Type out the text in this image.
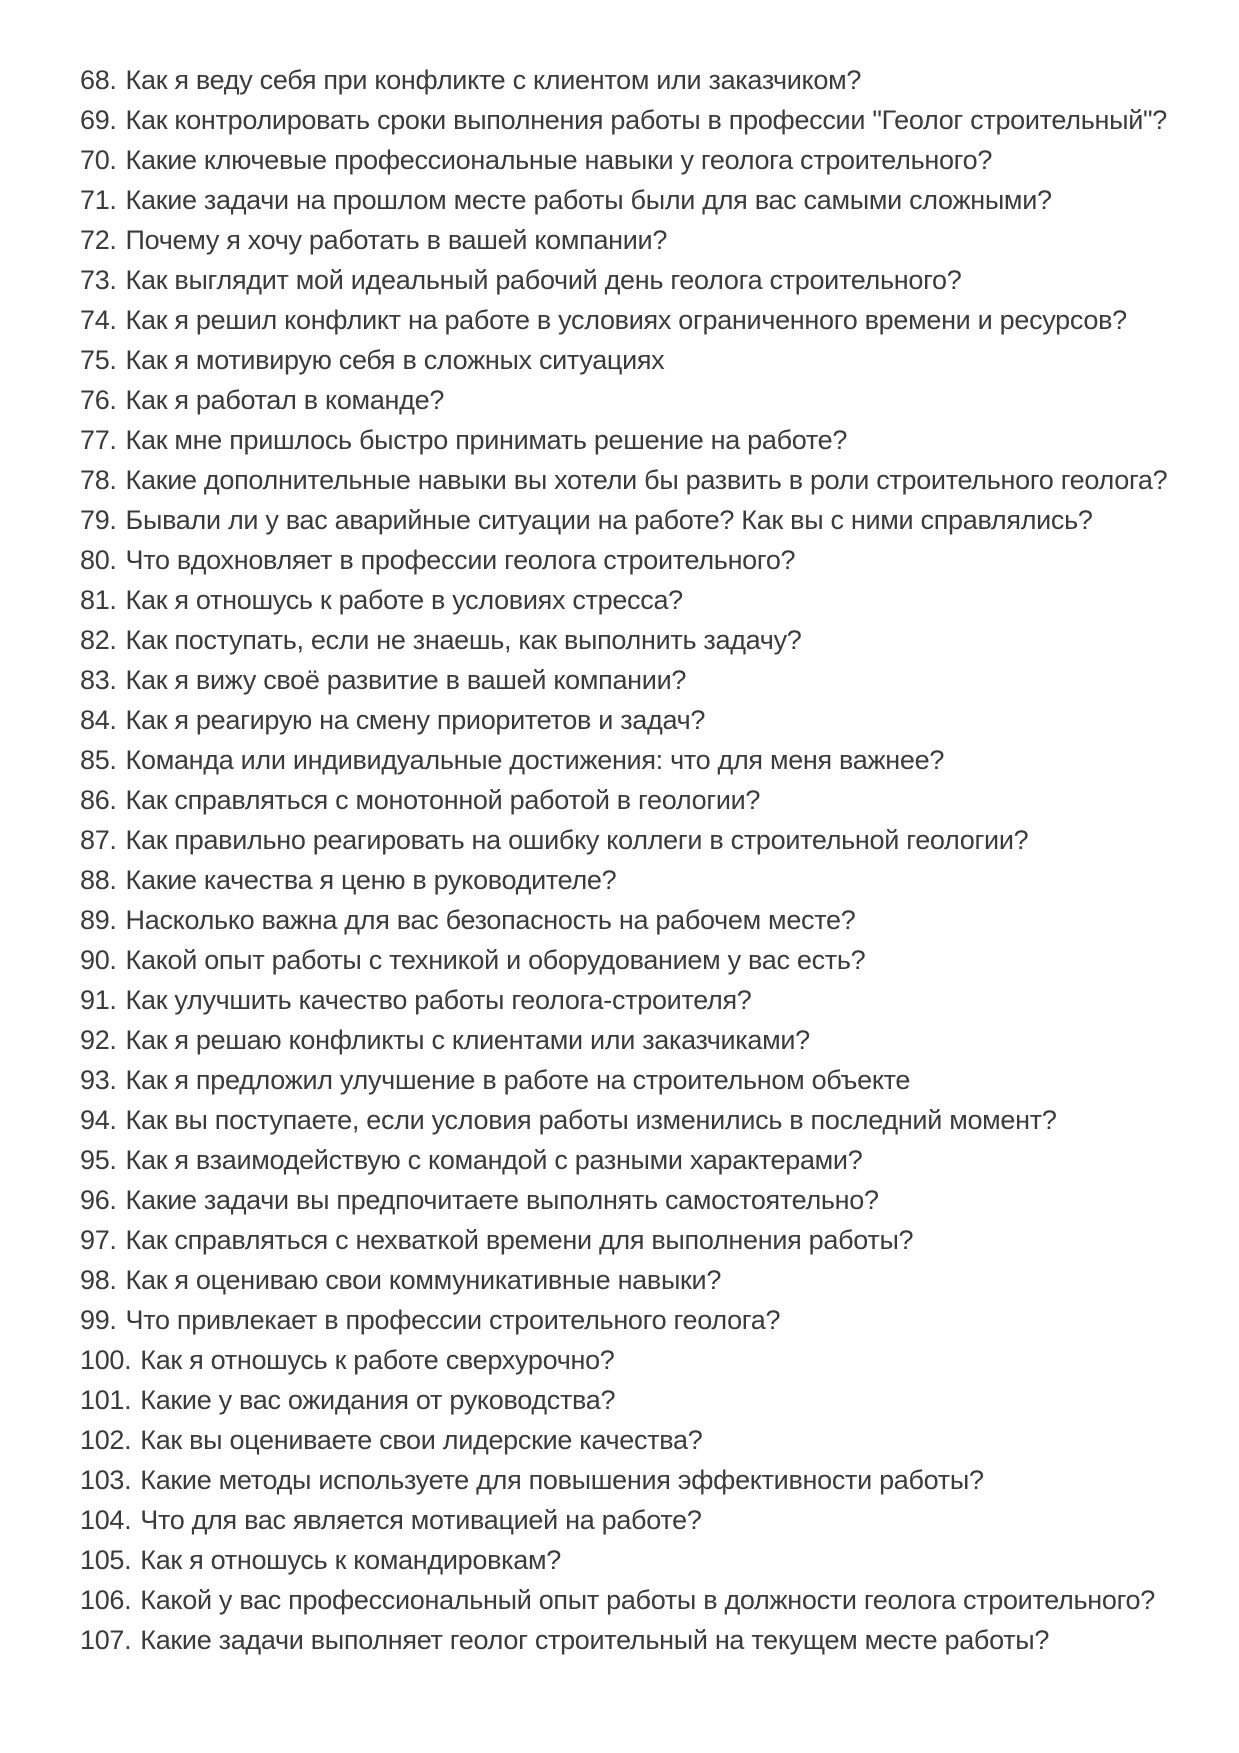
68. Как я веду себя при конфликте с клиентом или заказчиком?
69. Как контролировать сроки выполнения работы в профессии "Геолог строительный"?
70. Какие ключевые профессиональные навыки у геолога строительного?
71. Какие задачи на прошлом месте работы были для вас самыми сложными?
72. Почему я хочу работать в вашей компании?
73. Как выглядит мой идеальный рабочий день геолога строительного?
74. Как я решил конфликт на работе в условиях ограниченного времени и ресурсов?
75. Как я мотивирую себя в сложных ситуациях
76. Как я работал в команде?
77. Как мне пришлось быстро принимать решение на работе?
78. Какие дополнительные навыки вы хотели бы развить в роли строительного геолога?
79. Бывали ли у вас аварийные ситуации на работе? Как вы с ними справлялись?
80. Что вдохновляет в профессии геолога строительного?
81. Как я отношусь к работе в условиях стресса?
82. Как поступать, если не знаешь, как выполнить задачу?
83. Как я вижу своё развитие в вашей компании?
84. Как я реагирую на смену приоритетов и задач?
85. Команда или индивидуальные достижения: что для меня важнее?
86. Как справляться с монотонной работой в геологии?
87. Как правильно реагировать на ошибку коллеги в строительной геологии?
88. Какие качества я ценю в руководителе?
89. Насколько важна для вас безопасность на рабочем месте?
90. Какой опыт работы с техникой и оборудованием у вас есть?
91. Как улучшить качество работы геолога-строителя?
92. Как я решаю конфликты с клиентами или заказчиками?
93. Как я предложил улучшение в работе на строительном объекте
94. Как вы поступаете, если условия работы изменились в последний момент?
95. Как я взаимодействую с командой с разными характерами?
96. Какие задачи вы предпочитаете выполнять самостоятельно?
97. Как справляться с нехваткой времени для выполнения работы?
98. Как я оцениваю свои коммуникативные навыки?
99. Что привлекает в профессии строительного геолога?
100. Как я отношусь к работе сверхурочно?
101. Какие у вас ожидания от руководства?
102. Как вы оцениваете свои лидерские качества?
103. Какие методы используете для повышения эффективности работы?
104. Что для вас является мотивацией на работе?
105. Как я отношусь к командировкам?
106. Какой у вас профессиональный опыт работы в должности геолога строительного?
107. Какие задачи выполняет геолог строительный на текущем месте работы?
